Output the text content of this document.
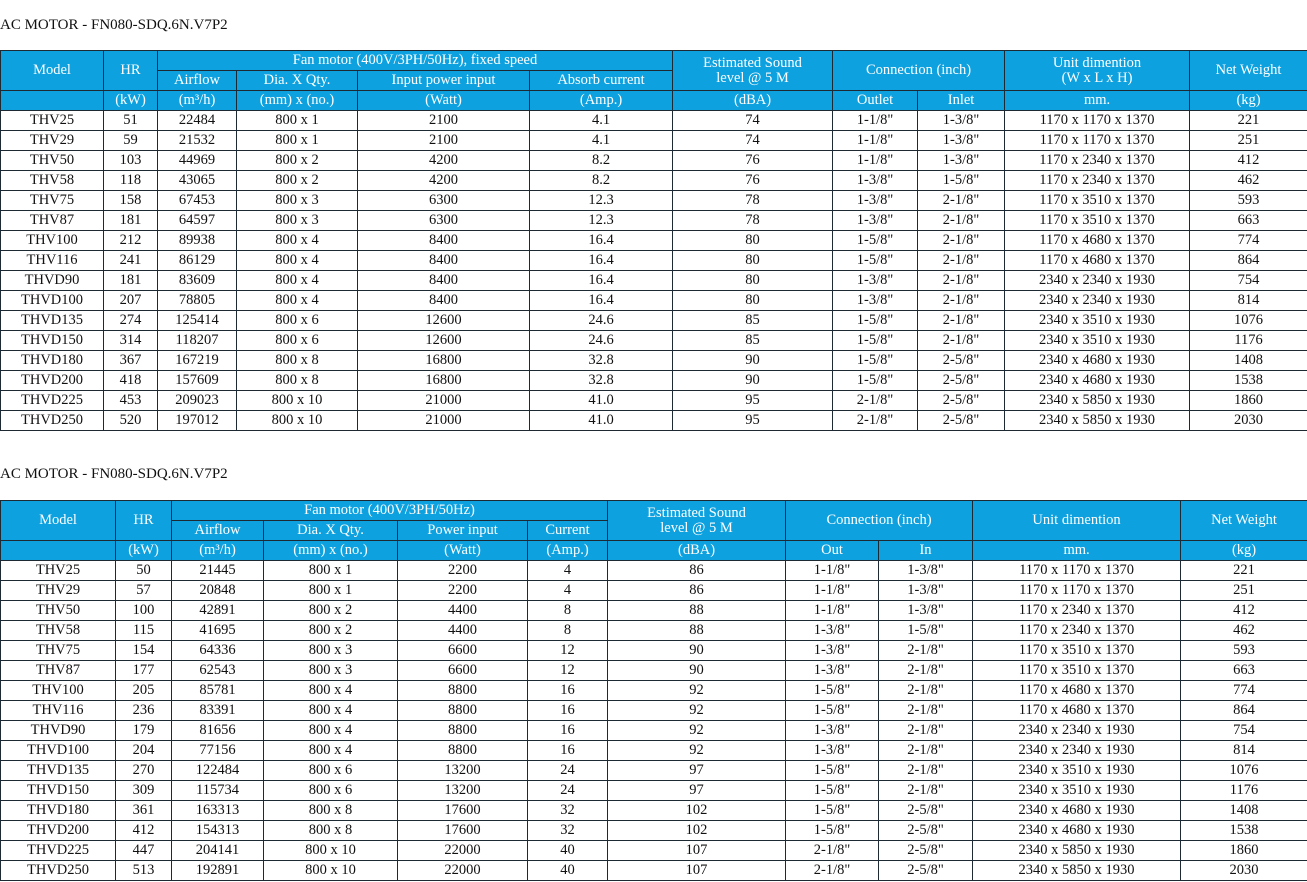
AC MOTOR - FN080-SDQ.6N.V7P2
Model	HR	Fan motor (400V/3PH/50Hz), fixed speed				Estimated Sound
level @ 5 M	Connection (inch)		Unit dimention
(W x L x H)	Net Weight
		Airflow	Dia. X Qty.	Input power input	Absorb current					
	(kW)	(m³/h)	(mm) x (no.)	(Watt)	(Amp.)	(dBA)	Outlet	Inlet	mm.	(kg)
THV25	51	22484	800 x 1	2100	4.1	74	1-1/8"	1-3/8"	1170 x 1170 x 1370	221
THV29	59	21532	800 x 1	2100	4.1	74	1-1/8"	1-3/8"	1170 x 1170 x 1370	251
THV50	103	44969	800 x 2	4200	8.2	76	1-1/8"	1-3/8"	1170 x 2340 x 1370	412
THV58	118	43065	800 x 2	4200	8.2	76	1-3/8"	1-5/8"	1170 x 2340 x 1370	462
THV75	158	67453	800 x 3	6300	12.3	78	1-3/8"	2-1/8"	1170 x 3510 x 1370	593
THV87	181	64597	800 x 3	6300	12.3	78	1-3/8"	2-1/8"	1170 x 3510 x 1370	663
THV100	212	89938	800 x 4	8400	16.4	80	1-5/8"	2-1/8"	1170 x 4680 x 1370	774
THV116	241	86129	800 x 4	8400	16.4	80	1-5/8"	2-1/8"	1170 x 4680 x 1370	864
THVD90	181	83609	800 x 4	8400	16.4	80	1-3/8"	2-1/8"	2340 x 2340 x 1930	754
THVD100	207	78805	800 x 4	8400	16.4	80	1-3/8"	2-1/8"	2340 x 2340 x 1930	814
THVD135	274	125414	800 x 6	12600	24.6	85	1-5/8"	2-1/8"	2340 x 3510 x 1930	1076
THVD150	314	118207	800 x 6	12600	24.6	85	1-5/8"	2-1/8"	2340 x 3510 x 1930	1176
THVD180	367	167219	800 x 8	16800	32.8	90	1-5/8"	2-5/8"	2340 x 4680 x 1930	1408
THVD200	418	157609	800 x 8	16800	32.8	90	1-5/8"	2-5/8"	2340 x 4680 x 1930	1538
THVD225	453	209023	800 x 10	21000	41.0	95	2-1/8"	2-5/8"	2340 x 5850 x 1930	1860
THVD250	520	197012	800 x 10	21000	41.0	95	2-1/8"	2-5/8"	2340 x 5850 x 1930	2030
AC MOTOR - FN080-SDQ.6N.V7P2
Model	HR	Fan motor (400V/3PH/50Hz)				Estimated Sound
level @ 5 M	Connection (inch)		Unit dimention	Net Weight
		Airflow	Dia. X Qty.	Power input	Current					
	(kW)	(m³/h)	(mm) x (no.)	(Watt)	(Amp.)	(dBA)	Out	In	mm.	(kg)
THV25	50	21445	800 x 1	2200	4	86	1-1/8"	1-3/8"	1170 x 1170 x 1370	221
THV29	57	20848	800 x 1	2200	4	86	1-1/8"	1-3/8"	1170 x 1170 x 1370	251
THV50	100	42891	800 x 2	4400	8	88	1-1/8"	1-3/8"	1170 x 2340 x 1370	412
THV58	115	41695	800 x 2	4400	8	88	1-3/8"	1-5/8"	1170 x 2340 x 1370	462
THV75	154	64336	800 x 3	6600	12	90	1-3/8"	2-1/8"	1170 x 3510 x 1370	593
THV87	177	62543	800 x 3	6600	12	90	1-3/8"	2-1/8"	1170 x 3510 x 1370	663
THV100	205	85781	800 x 4	8800	16	92	1-5/8"	2-1/8"	1170 x 4680 x 1370	774
THV116	236	83391	800 x 4	8800	16	92	1-5/8"	2-1/8"	1170 x 4680 x 1370	864
THVD90	179	81656	800 x 4	8800	16	92	1-3/8"	2-1/8"	2340 x 2340 x 1930	754
THVD100	204	77156	800 x 4	8800	16	92	1-3/8"	2-1/8"	2340 x 2340 x 1930	814
THVD135	270	122484	800 x 6	13200	24	97	1-5/8"	2-1/8"	2340 x 3510 x 1930	1076
THVD150	309	115734	800 x 6	13200	24	97	1-5/8"	2-1/8"	2340 x 3510 x 1930	1176
THVD180	361	163313	800 x 8	17600	32	102	1-5/8"	2-5/8"	2340 x 4680 x 1930	1408
THVD200	412	154313	800 x 8	17600	32	102	1-5/8"	2-5/8"	2340 x 4680 x 1930	1538
THVD225	447	204141	800 x 10	22000	40	107	2-1/8"	2-5/8"	2340 x 5850 x 1930	1860
THVD250	513	192891	800 x 10	22000	40	107	2-1/8"	2-5/8"	2340 x 5850 x 1930	2030
